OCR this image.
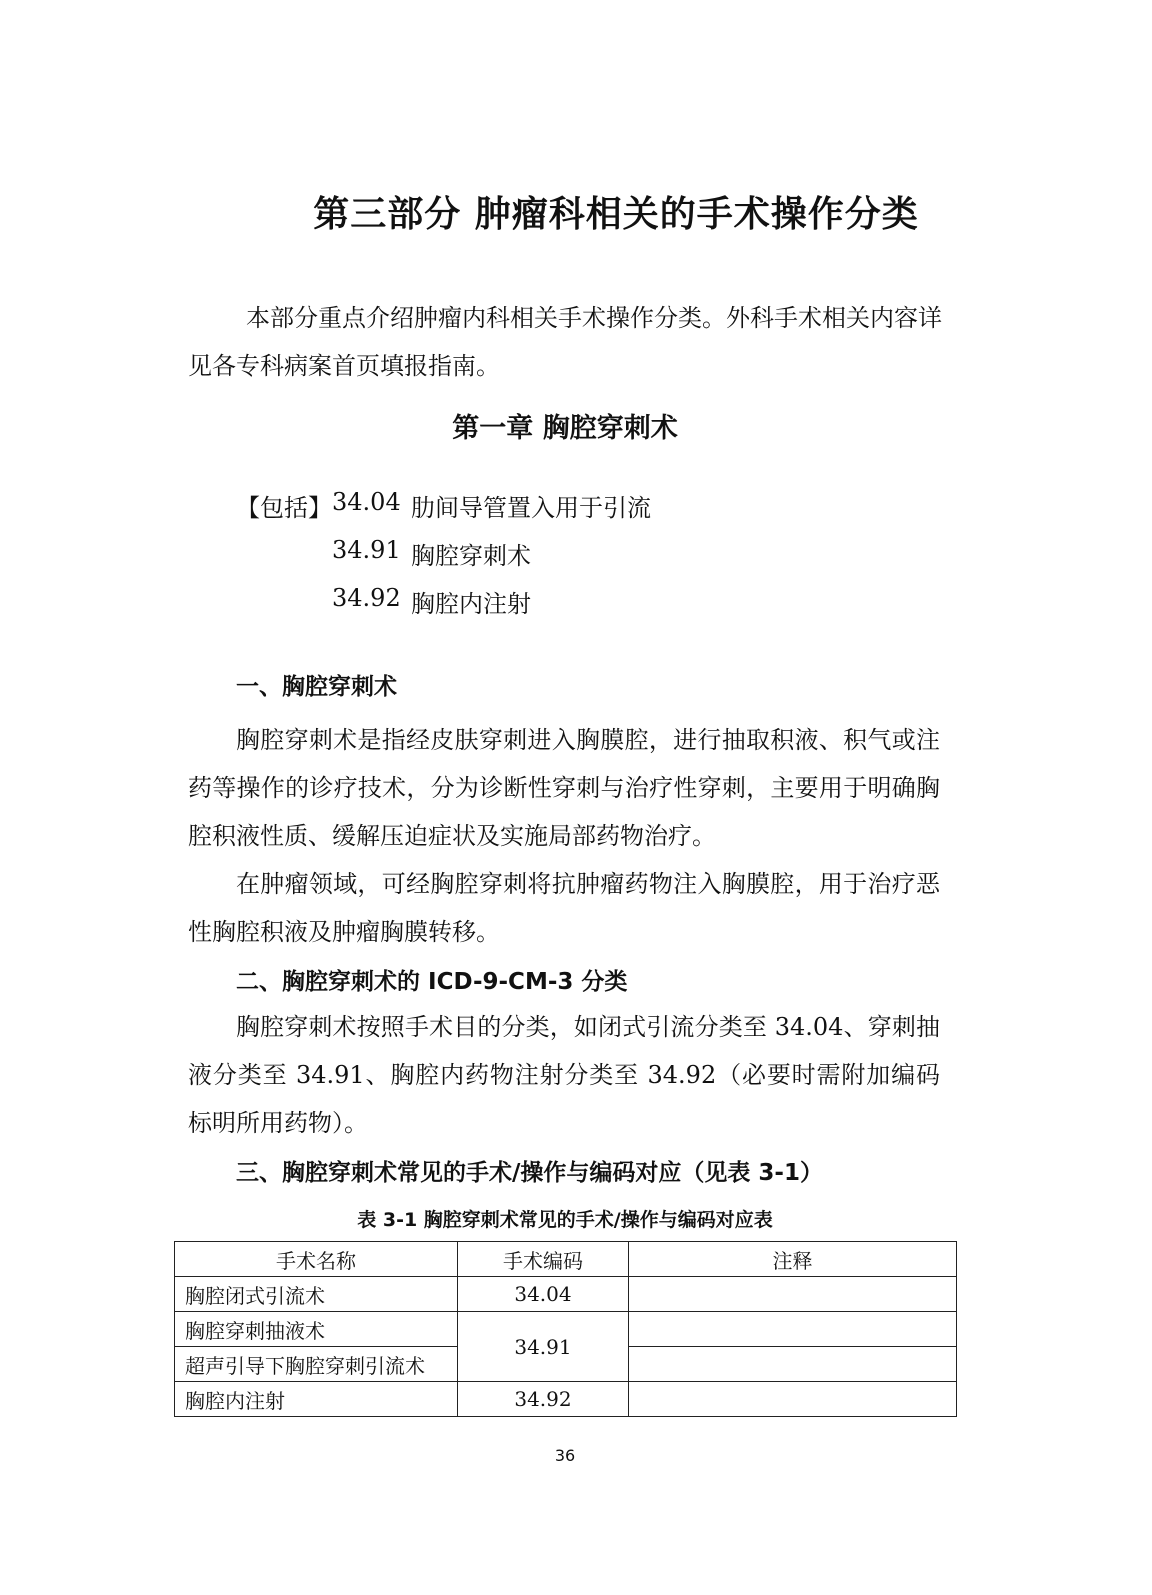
第三部分 肿瘤科相关的手术操作分类
本部分重点介绍肿瘤内科相关手术操作分类。外科手术相关内容详见各专科病案首页填报指南。
第一章 胸腔穿刺术
【包括】 34.04 肋间导管置入用于引流
34.91 胸腔穿刺术
34.92 胸腔内注射
一、胸腔穿刺术
胸腔穿刺术是指经皮肤穿刺进入胸膜腔，进行抽取积液、积气或注药等操作的诊疗技术，分为诊断性穿刺与治疗性穿刺，主要用于明确胸腔积液性质、缓解压迫症状及实施局部药物治疗。
在肿瘤领域，可经胸腔穿刺将抗肿瘤药物注入胸膜腔，用于治疗恶性胸腔积液及肿瘤胸膜转移。
二、胸腔穿刺术的 ICD-9-CM-3 分类
胸腔穿刺术按照手术目的分类，如闭式引流分类至 34.04、穿刺抽液分类至 34.91、胸腔内药物注射分类至 34.92（必要时需附加编码标明所用药物）。
三、胸腔穿刺术常见的手术/操作与编码对应（见表 3-1）
表 3-1 胸腔穿刺术常见的手术/操作与编码对应表
手术名称	手术编码	注释
胸腔闭式引流术	34.04	
胸腔穿刺抽液术	34.91	
超声引导下胸腔穿刺引流术		
胸腔内注射	34.92	
36
